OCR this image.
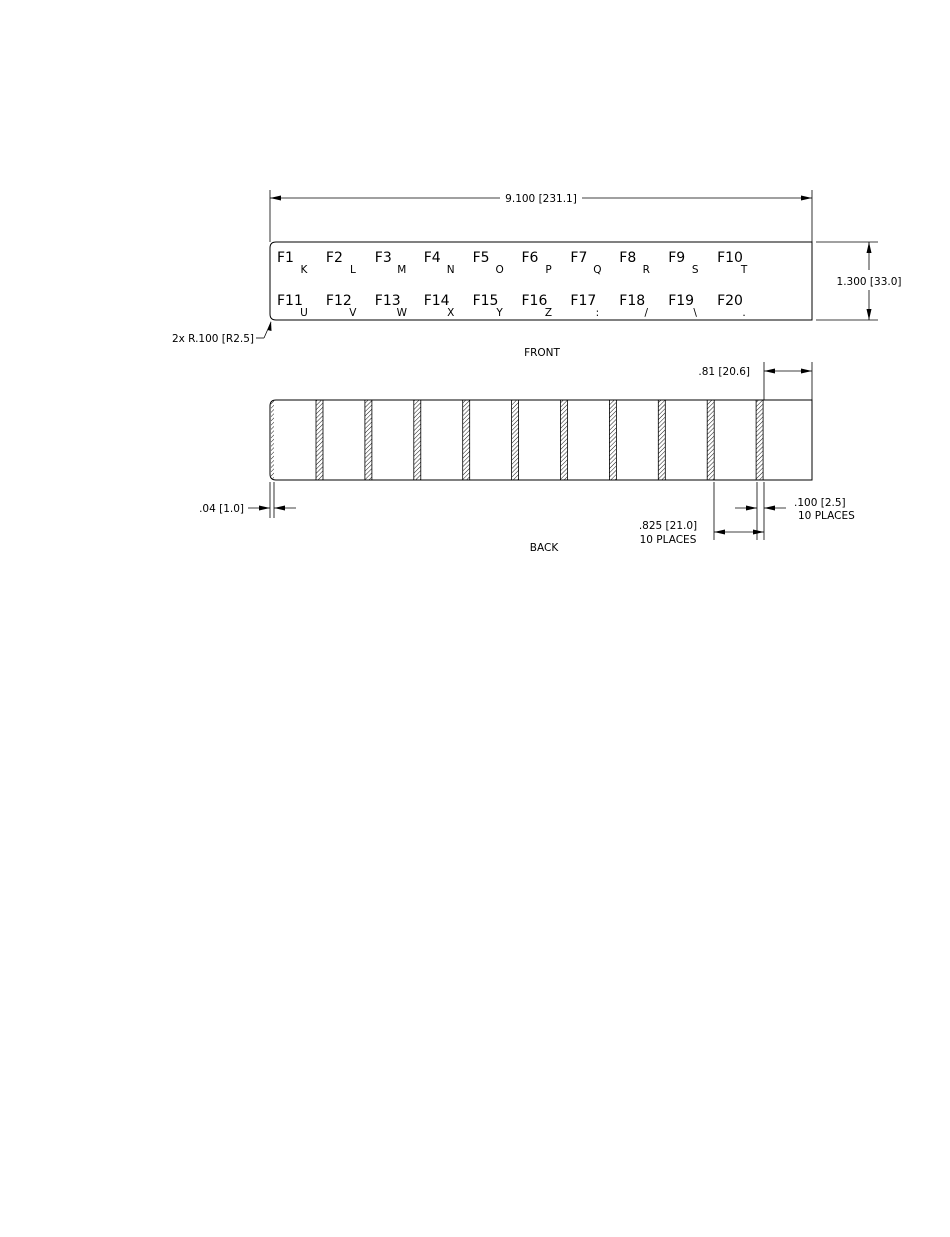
9.100 [231.1]
1.300 [33.0]
2x R.100 [R2.5]
F1
K
F2
L
F3
M
F4
N
F5
O
F6
P
F7
Q
F8
R
F9
S
F10
T
F11
U
F12
V
F13
W
F14
X
F15
Y
F16
Z
F17
:
F18
/
F19
\
F20
.
FRONT
.81 [20.6]
.04 [1.0]	.100 [2.5]
10 PLACES
.825 [21.0]
10 PLACES
BACK
